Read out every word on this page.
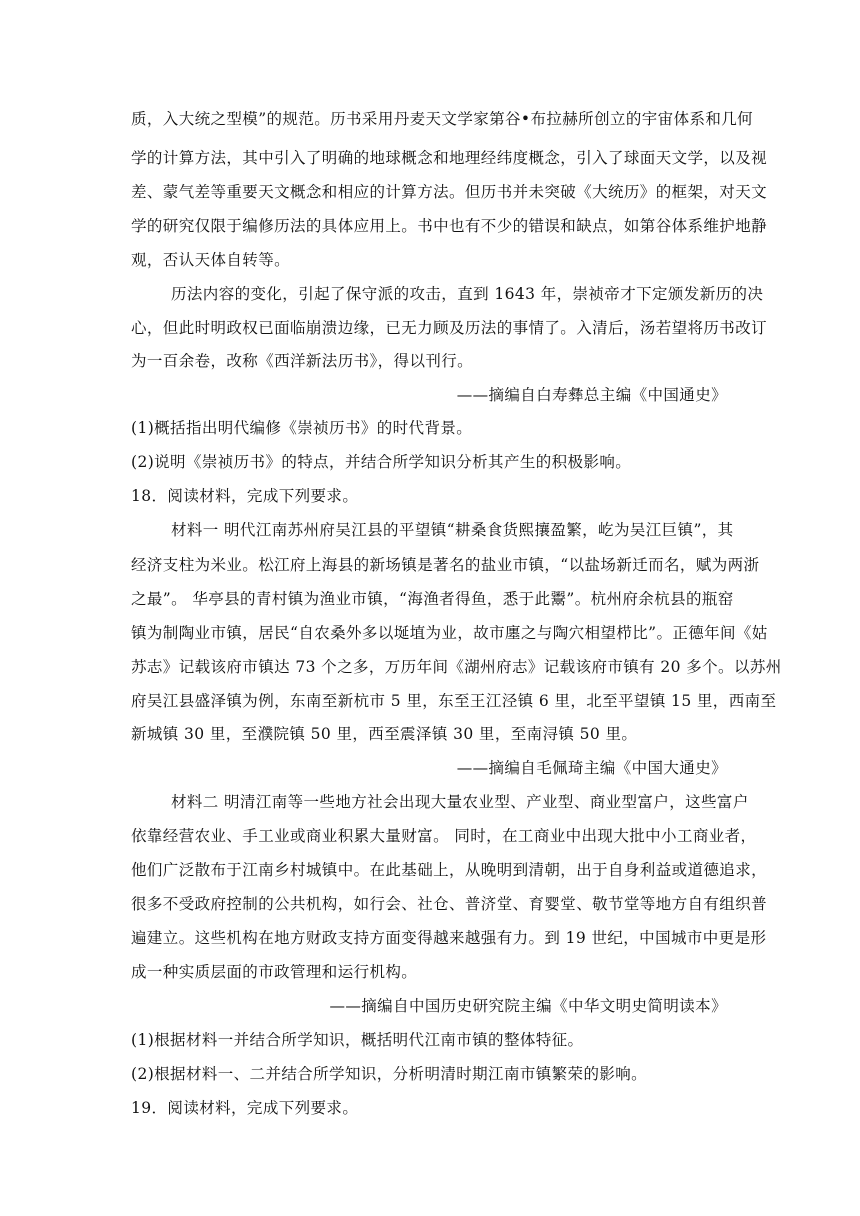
质，入大统之型模”的规范。历书采用丹麦天文学家第谷•布拉赫所创立的宇宙体系和几何
学的计算方法，其中引入了明确的地球概念和地理经纬度概念，引入了球面天文学，以及视
差、蒙气差等重要天文概念和相应的计算方法。但历书并未突破《大统历》的框架，对天文
学的研究仅限于编修历法的具体应用上。书中也有不少的错误和缺点，如第谷体系维护地静
观，否认天体自转等。
历法内容的变化，引起了保守派的攻击，直到 1643 年，崇祯帝才下定颁发新历的决
心，但此时明政权已面临崩溃边缘，已无力顾及历法的事情了。入清后，汤若望将历书改订
为一百余卷，改称《西洋新法历书》，得以刊行。
——摘编自白寿彝总主编《中国通史》
(1)概括指出明代编修《崇祯历书》的时代背景。
(2)说明《崇祯历书》的特点，并结合所学知识分析其产生的积极影响。
18．阅读材料，完成下列要求。
材料一 明代江南苏州府吴江县的平望镇“耕桑食货熙攘盈繁，屹为吴江巨镇”，其
经济支柱为米业。松江府上海县的新场镇是著名的盐业市镇，“以盐场新迁而名，赋为两浙
之最”。 华亭县的青村镇为渔业市镇，“海渔者得鱼，悉于此鬻”。杭州府余杭县的瓶窑
镇为制陶业市镇，居民“自农桑外多以埏埴为业，故市廛之与陶穴相望栉比”。正德年间《姑
苏志》记载该府市镇达 73 个之多，万历年间《湖州府志》记载该府市镇有 20 多个。以苏州
府吴江县盛泽镇为例，东南至新杭市 5 里，东至王江泾镇 6 里，北至平望镇 15 里，西南至
新城镇 30 里，至濮院镇 50 里，西至震泽镇 30 里，至南浔镇 50 里。
——摘编自毛佩琦主编《中国大通史》
材料二 明清江南等一些地方社会出现大量农业型、产业型、商业型富户，这些富户
依靠经营农业、手工业或商业积累大量财富。 同时，在工商业中出现大批中小工商业者，
他们广泛散布于江南乡村城镇中。在此基础上，从晚明到清朝，出于自身利益或道德追求，
很多不受政府控制的公共机构，如行会、社仓、普济堂、育婴堂、敬节堂等地方自有组织普
遍建立。这些机构在地方财政支持方面变得越来越强有力。到 19 世纪，中国城市中更是形
成一种实质层面的市政管理和运行机构。
——摘编自中国历史研究院主编《中华文明史简明读本》
(1)根据材料一并结合所学知识，概括明代江南市镇的整体特征。
(2)根据材料一、二并结合所学知识，分析明清时期江南市镇繁荣的影响。
19．阅读材料，完成下列要求。
